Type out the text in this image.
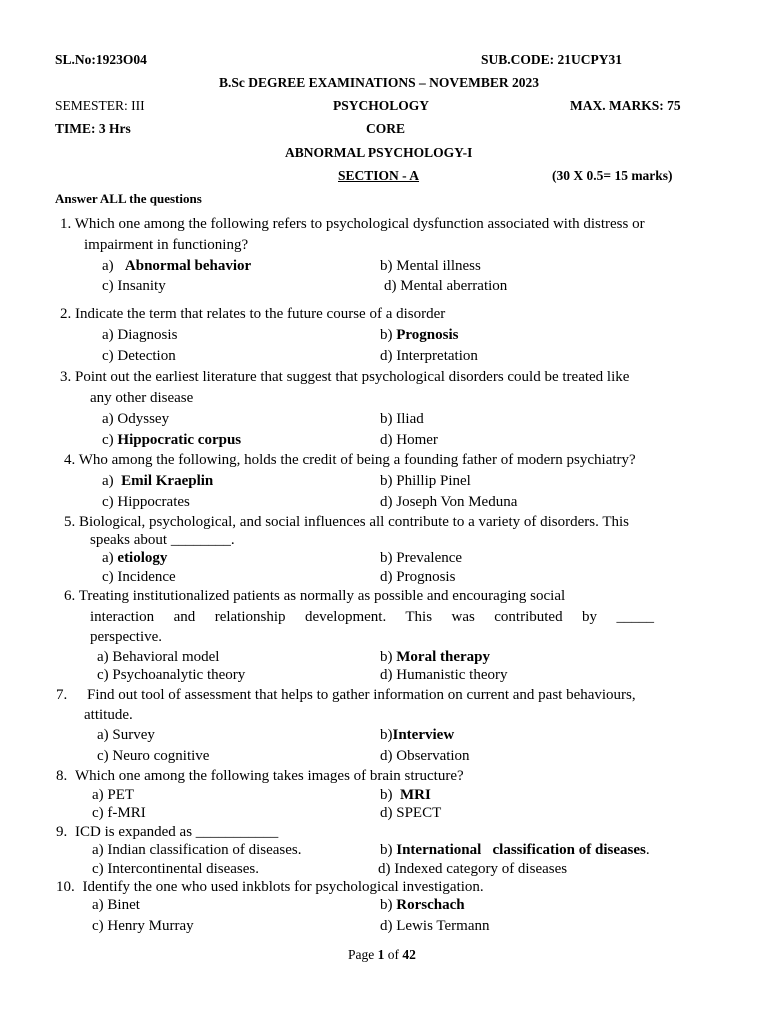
SL.No:1923O04	SUB.CODE: 21UCPY31
B.Sc DEGREE EXAMINATIONS – NOVEMBER 2023
SEMESTER: III	PSYCHOLOGY	MAX. MARKS: 75
TIME: 3 Hrs	CORE
ABNORMAL PSYCHOLOGY-I
SECTION - A	(30 X 0.5= 15 marks)
Answer ALL the questions
1. Which one among the following refers to psychological dysfunction associated with distress or
impairment in functioning?
a)   Abnormal behavior	b) Mental illness
c) Insanity	d) Mental aberration
2. Indicate the term that relates to the future course of a disorder
a) Diagnosis	b) Prognosis
c) Detection	d) Interpretation
3. Point out the earliest literature that suggest that psychological disorders could be treated like
any other disease
a) Odyssey	b) Iliad
c) Hippocratic corpus	d) Homer
4. Who among the following, holds the credit of being a founding father of modern psychiatry?
a)  Emil Kraeplin	b) Phillip Pinel
c) Hippocrates	d) Joseph Von Meduna
5. Biological, psychological, and social influences all contribute to a variety of disorders. This
speaks about ________.
a) etiology	b) Prevalence
c) Incidence	d) Prognosis
6. Treating institutionalized patients as normally as possible and encouraging social
interaction and relationship development. This was contributed by _____
perspective.
a) Behavioral model	b) Moral therapy
c) Psychoanalytic theory	d) Humanistic theory
7. Find out tool of assessment that helps to gather information on current and past behaviours,
attitude.
a) Survey	b)Interview
c) Neuro cognitive	d) Observation
8. Which one among the following takes images of brain structure?
a) PET	b)  MRI
c) f-MRI	d) SPECT
9. ICD is expanded as ___________
a) Indian classification of diseases.	b) International   classification of diseases.
c) Intercontinental diseases.	d) Indexed category of diseases
10. Identify the one who used inkblots for psychological investigation.
a) Binet	b) Rorschach
c) Henry Murray	d) Lewis Termann
Page 1 of 42
